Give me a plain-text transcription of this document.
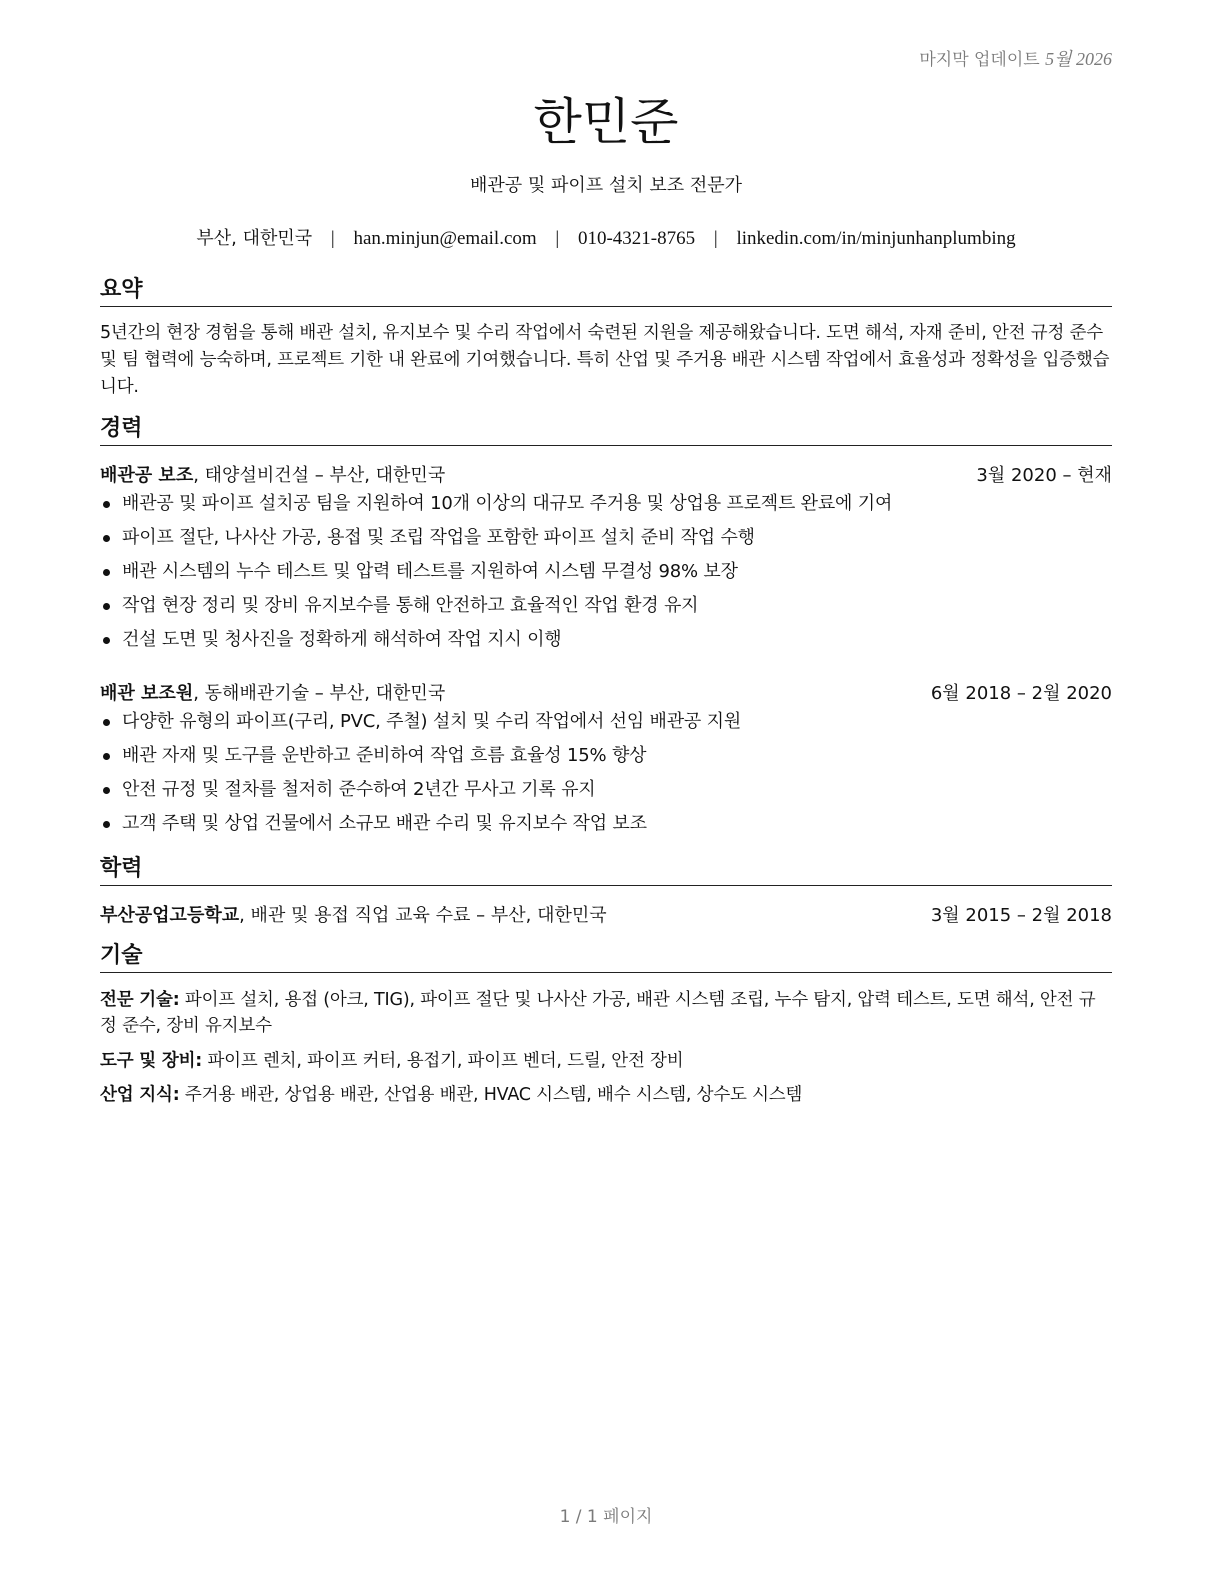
마지막 업데이트 5월 2026
한민준
배관공 및 파이프 설치 보조 전문가
부산, 대한민국 | han.minjun@email.com | 010-4321-8765 | linkedin.com/in/minjunhanplumbing
요약
5년간의 현장 경험을 통해 배관 설치, 유지보수 및 수리 작업에서 숙련된 지원을 제공해왔습니다. 도면 해석, 자재 준비, 안전 규정 준수 및 팀 협력에 능숙하며, 프로젝트 기한 내 완료에 기여했습니다. 특히 산업 및 주거용 배관 시스템 작업에서 효율성과 정확성을 입증했습니다.
경력
배관공 보조, 태양설비건설 – 부산, 대한민국	3월 2020 – 현재
배관공 및 파이프 설치공 팀을 지원하여 10개 이상의 대규모 주거용 및 상업용 프로젝트 완료에 기여
파이프 절단, 나사산 가공, 용접 및 조립 작업을 포함한 파이프 설치 준비 작업 수행
배관 시스템의 누수 테스트 및 압력 테스트를 지원하여 시스템 무결성 98% 보장
작업 현장 정리 및 장비 유지보수를 통해 안전하고 효율적인 작업 환경 유지
건설 도면 및 청사진을 정확하게 해석하여 작업 지시 이행
배관 보조원, 동해배관기술 – 부산, 대한민국	6월 2018 – 2월 2020
다양한 유형의 파이프(구리, PVC, 주철) 설치 및 수리 작업에서 선임 배관공 지원
배관 자재 및 도구를 운반하고 준비하여 작업 흐름 효율성 15% 향상
안전 규정 및 절차를 철저히 준수하여 2년간 무사고 기록 유지
고객 주택 및 상업 건물에서 소규모 배관 수리 및 유지보수 작업 보조
학력
부산공업고등학교, 배관 및 용접 직업 교육 수료 – 부산, 대한민국	3월 2015 – 2월 2018
기술
전문 기술: 파이프 설치, 용접 (아크, TIG), 파이프 절단 및 나사산 가공, 배관 시스템 조립, 누수 탐지, 압력 테스트, 도면 해석, 안전 규정 준수, 장비 유지보수
도구 및 장비: 파이프 렌치, 파이프 커터, 용접기, 파이프 벤더, 드릴, 안전 장비
산업 지식: 주거용 배관, 상업용 배관, 산업용 배관, HVAC 시스템, 배수 시스템, 상수도 시스템
1 / 1 페이지
